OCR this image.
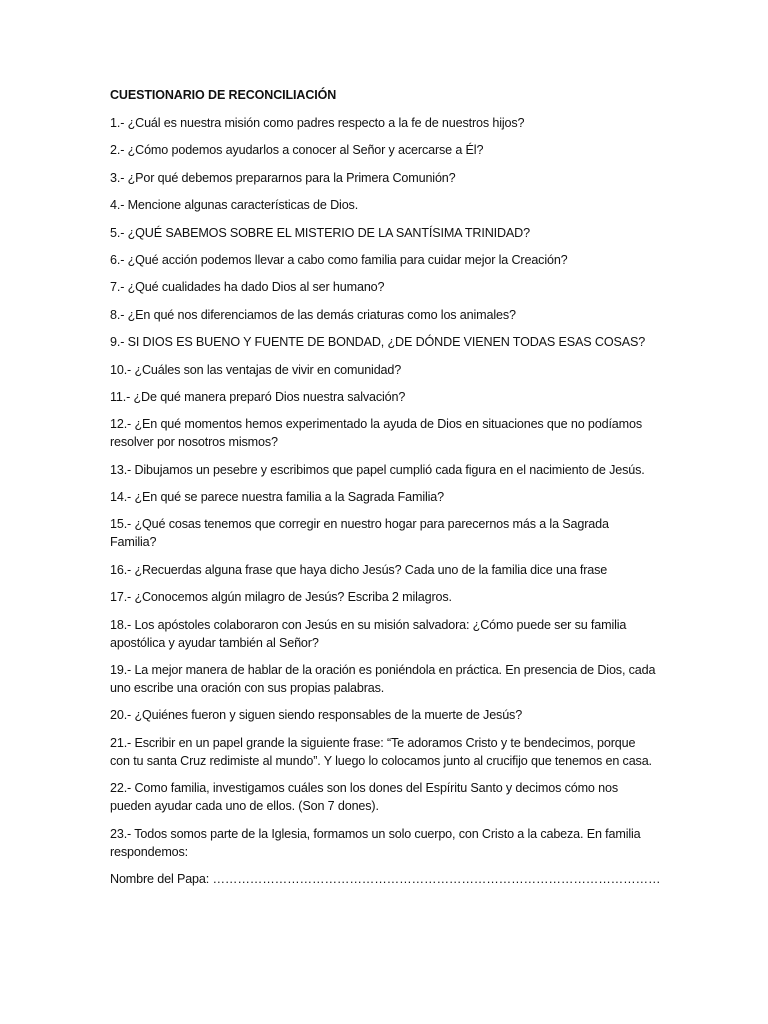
CUESTIONARIO DE RECONCILIACIÓN
1.- ¿Cuál es nuestra misión como padres respecto a la fe de nuestros hijos?
2.- ¿Cómo podemos ayudarlos a conocer al Señor y acercarse a Él?
3.- ¿Por qué debemos prepararnos para la Primera Comunión?
4.- Mencione algunas características de Dios.
5.- ¿QUÉ SABEMOS SOBRE EL MISTERIO DE LA SANTÍSIMA TRINIDAD?
6.- ¿Qué acción podemos llevar a cabo como familia para cuidar mejor la Creación?
7.- ¿Qué cualidades ha dado Dios al ser humano?
8.- ¿En qué nos diferenciamos de las demás criaturas como los animales?
9.- SI DIOS ES BUENO Y FUENTE DE BONDAD, ¿DE DÓNDE VIENEN TODAS ESAS COSAS?
10.- ¿Cuáles son las ventajas de vivir en comunidad?
11.- ¿De qué manera preparó Dios nuestra salvación?
12.- ¿En qué momentos hemos experimentado la ayuda de Dios en situaciones que no podíamos resolver por nosotros mismos?
13.- Dibujamos un pesebre y escribimos que papel cumplió cada figura en el nacimiento de Jesús.
14.- ¿En qué se parece nuestra familia a la Sagrada Familia?
15.- ¿Qué cosas tenemos que corregir en nuestro hogar para parecernos más a la Sagrada Familia?
16.- ¿Recuerdas alguna frase que haya dicho Jesús? Cada uno de la familia dice una frase
17.- ¿Conocemos algún milagro de Jesús? Escriba 2 milagros.
18.- Los apóstoles colaboraron con Jesús en su misión salvadora: ¿Cómo puede ser su familia apostólica y ayudar también al Señor?
19.- La mejor manera de hablar de la oración es poniéndola en práctica. En presencia de Dios, cada uno escribe una oración con sus propias palabras.
20.- ¿Quiénes fueron y siguen siendo responsables de la muerte de Jesús?
21.- Escribir en un papel grande la siguiente frase: “Te adoramos Cristo y te bendecimos, porque con tu santa Cruz redimiste al mundo”. Y luego lo colocamos junto al crucifijo que tenemos en casa.
22.- Como familia, investigamos cuáles son los dones del Espíritu Santo y decimos cómo nos pueden ayudar cada uno de ellos. (Son 7 dones).
23.- Todos somos parte de la Iglesia, formamos un solo cuerpo, con Cristo a la cabeza. En familia respondemos:
Nombre del Papa: ………………………………………………………………………………………………
